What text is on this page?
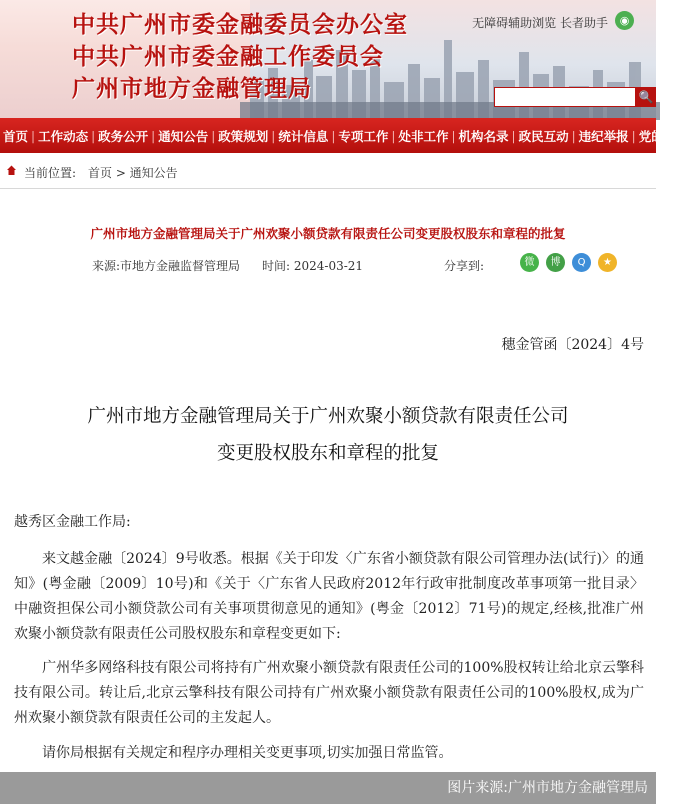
中共广州市委金融委员会办公室
中共广州市委金融工作委员会
广州市地方金融管理局
无障碍辅助浏览 长者助手	◉
🔍
首页 | 工作动态 | 政务公开 | 通知公告 | 政策规划 | 统计信息 | 专项工作 | 处非工作 | 机构名录 | 政民互动 | 违纪举报 | 党的建设
当前位置: 首页 > 通知公告
广州市地方金融管理局关于广州欢聚小额贷款有限责任公司变更股权股东和章程的批复
来源:市地方金融监督管理局 时间: 2024-03-21	分享到:	微	博	Q	★
穗金管函〔2024〕4号
广州市地方金融管理局关于广州欢聚小额贷款有限责任公司
变更股权股东和章程的批复
越秀区金融工作局:
　　来文越金融〔2024〕9号收悉。根据《关于印发〈广东省小额贷款有限公司管理办法(试行)〉的通知》(粤金融〔2009〕10号)和《关于〈广东省人民政府2012年行政审批制度改革事项第一批目录〉中融资担保公司小额贷款公司有关事项贯彻意见的通知》(粤金〔2012〕71号)的规定,经核,批准广州欢聚小额贷款有限责任公司股权股东和章程变更如下:
　　广州华多网络科技有限公司将持有广州欢聚小额贷款有限责任公司的100%股权转让给北京云擎科技有限公司。转让后,北京云擎科技有限公司持有广州欢聚小额贷款有限责任公司的100%股权,成为广州欢聚小额贷款有限责任公司的主发起人。
　　请你局根据有关规定和程序办理相关变更事项,切实加强日常监管。
图片来源:广州市地方金融管理局
